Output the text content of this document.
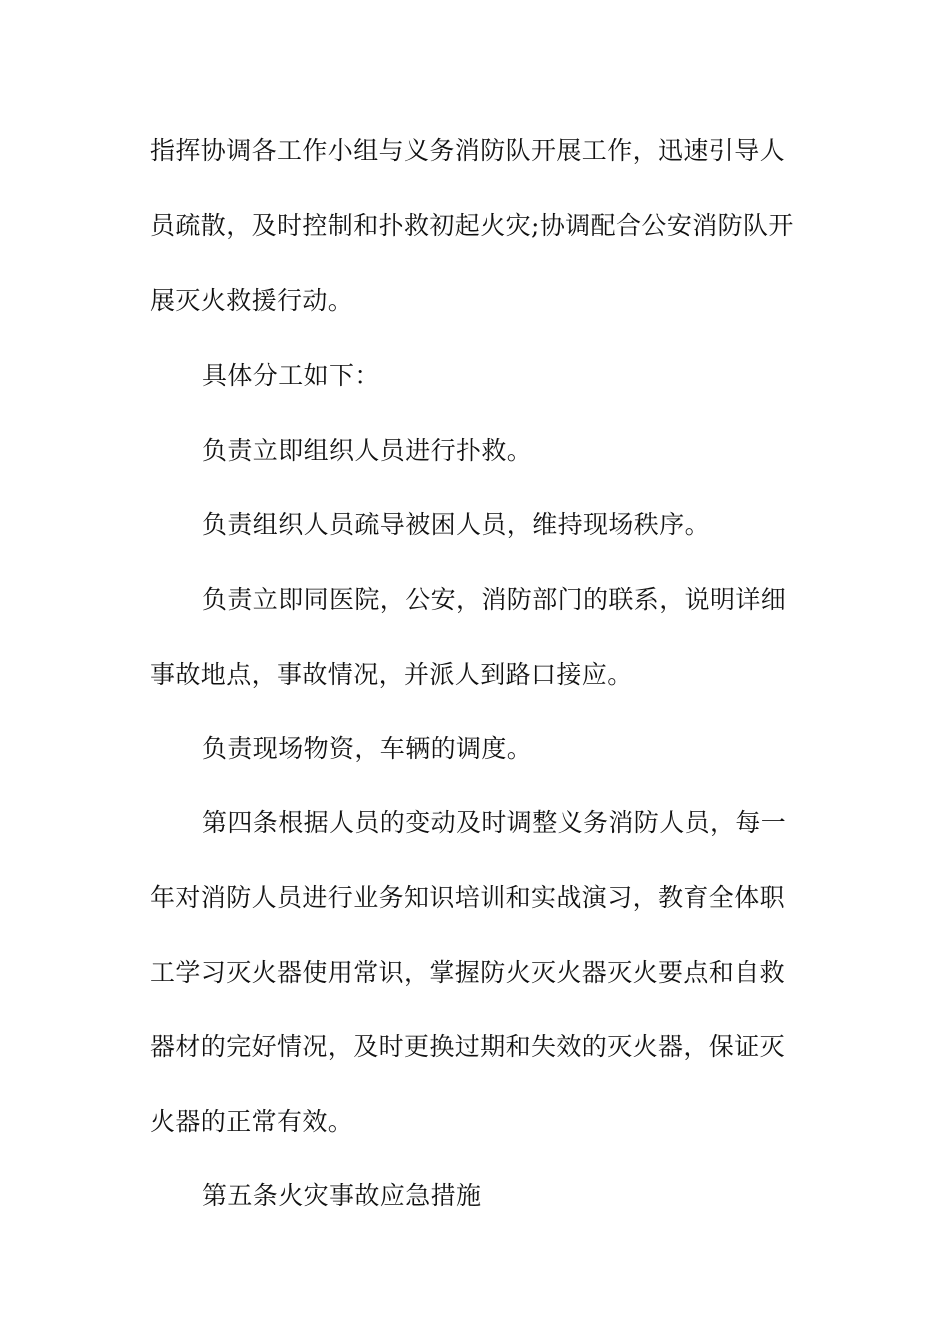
指挥协调各工作小组与义务消防队开展工作，迅速引导人
员疏散，及时控制和扑救初起火灾;协调配合公安消防队开
展灭火救援行动。
具体分工如下：
负责立即组织人员进行扑救。
负责组织人员疏导被困人员，维持现场秩序。
负责立即同医院，公安，消防部门的联系，说明详细
事故地点，事故情况，并派人到路口接应。
负责现场物资，车辆的调度。
第四条根据人员的变动及时调整义务消防人员，每一
年对消防人员进行业务知识培训和实战演习，教育全体职
工学习灭火器使用常识，掌握防火灭火器灭火要点和自救
器材的完好情况，及时更换过期和失效的灭火器，保证灭
火器的正常有效。
第五条火灾事故应急措施
